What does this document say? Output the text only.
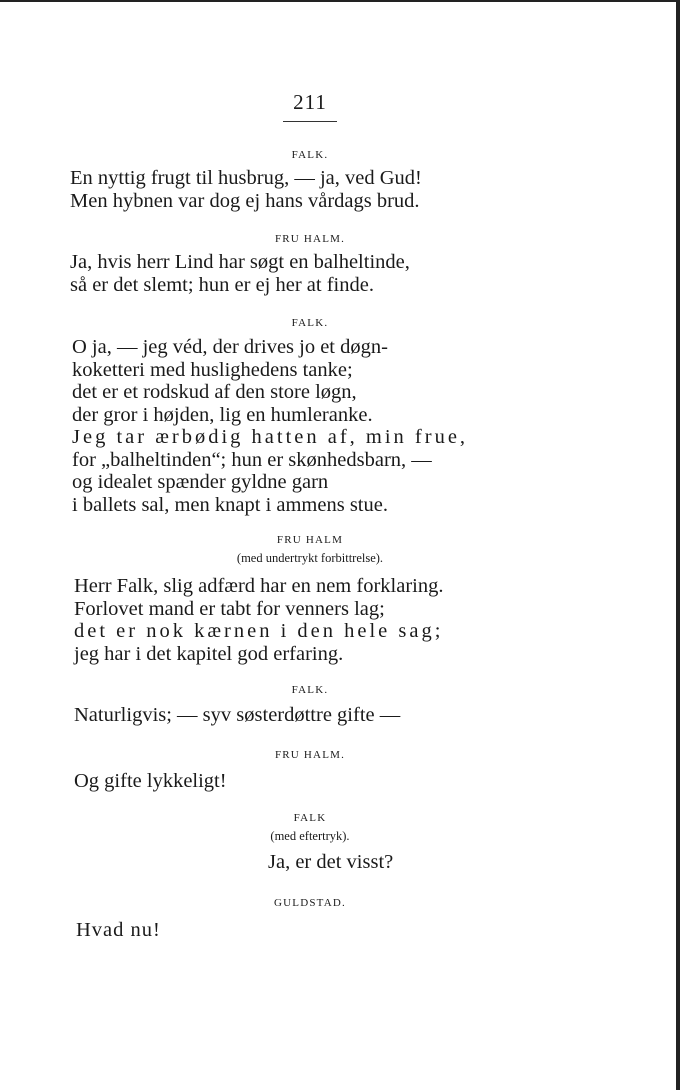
211
FALK.
En nyttig frugt til husbrug, — ja, ved Gud!
Men hybnen var dog ej hans vårdags brud.
FRU HALM.
Ja, hvis herr Lind har søgt en balheltinde,
så er det slemt; hun er ej her at finde.
FALK.
O ja, — jeg véd, der drives jo et døgn-
koketteri med huslighedens tanke;
det er et rodskud af den store løgn,
der gror i højden, lig en humleranke.
Jeg tar ærbødig hatten af, min frue,
for „balheltinden“; hun er skønhedsbarn, —
og idealet spænder gyldne garn
i ballets sal, men knapt i ammens stue.
FRU HALM
(med undertrykt forbittrelse).
Herr Falk, slig adfærd har en nem forklaring.
Forlovet mand er tabt for venners lag;
det er nok kærnen i den hele sag;
jeg har i det kapitel god erfaring.
FALK.
Naturligvis; — syv søsterdøttre gifte —
FRU HALM.
Og gifte lykkeligt!
FALK
(med eftertryk).
Ja, er det visst?
GULDSTAD.
Hvad nu!
